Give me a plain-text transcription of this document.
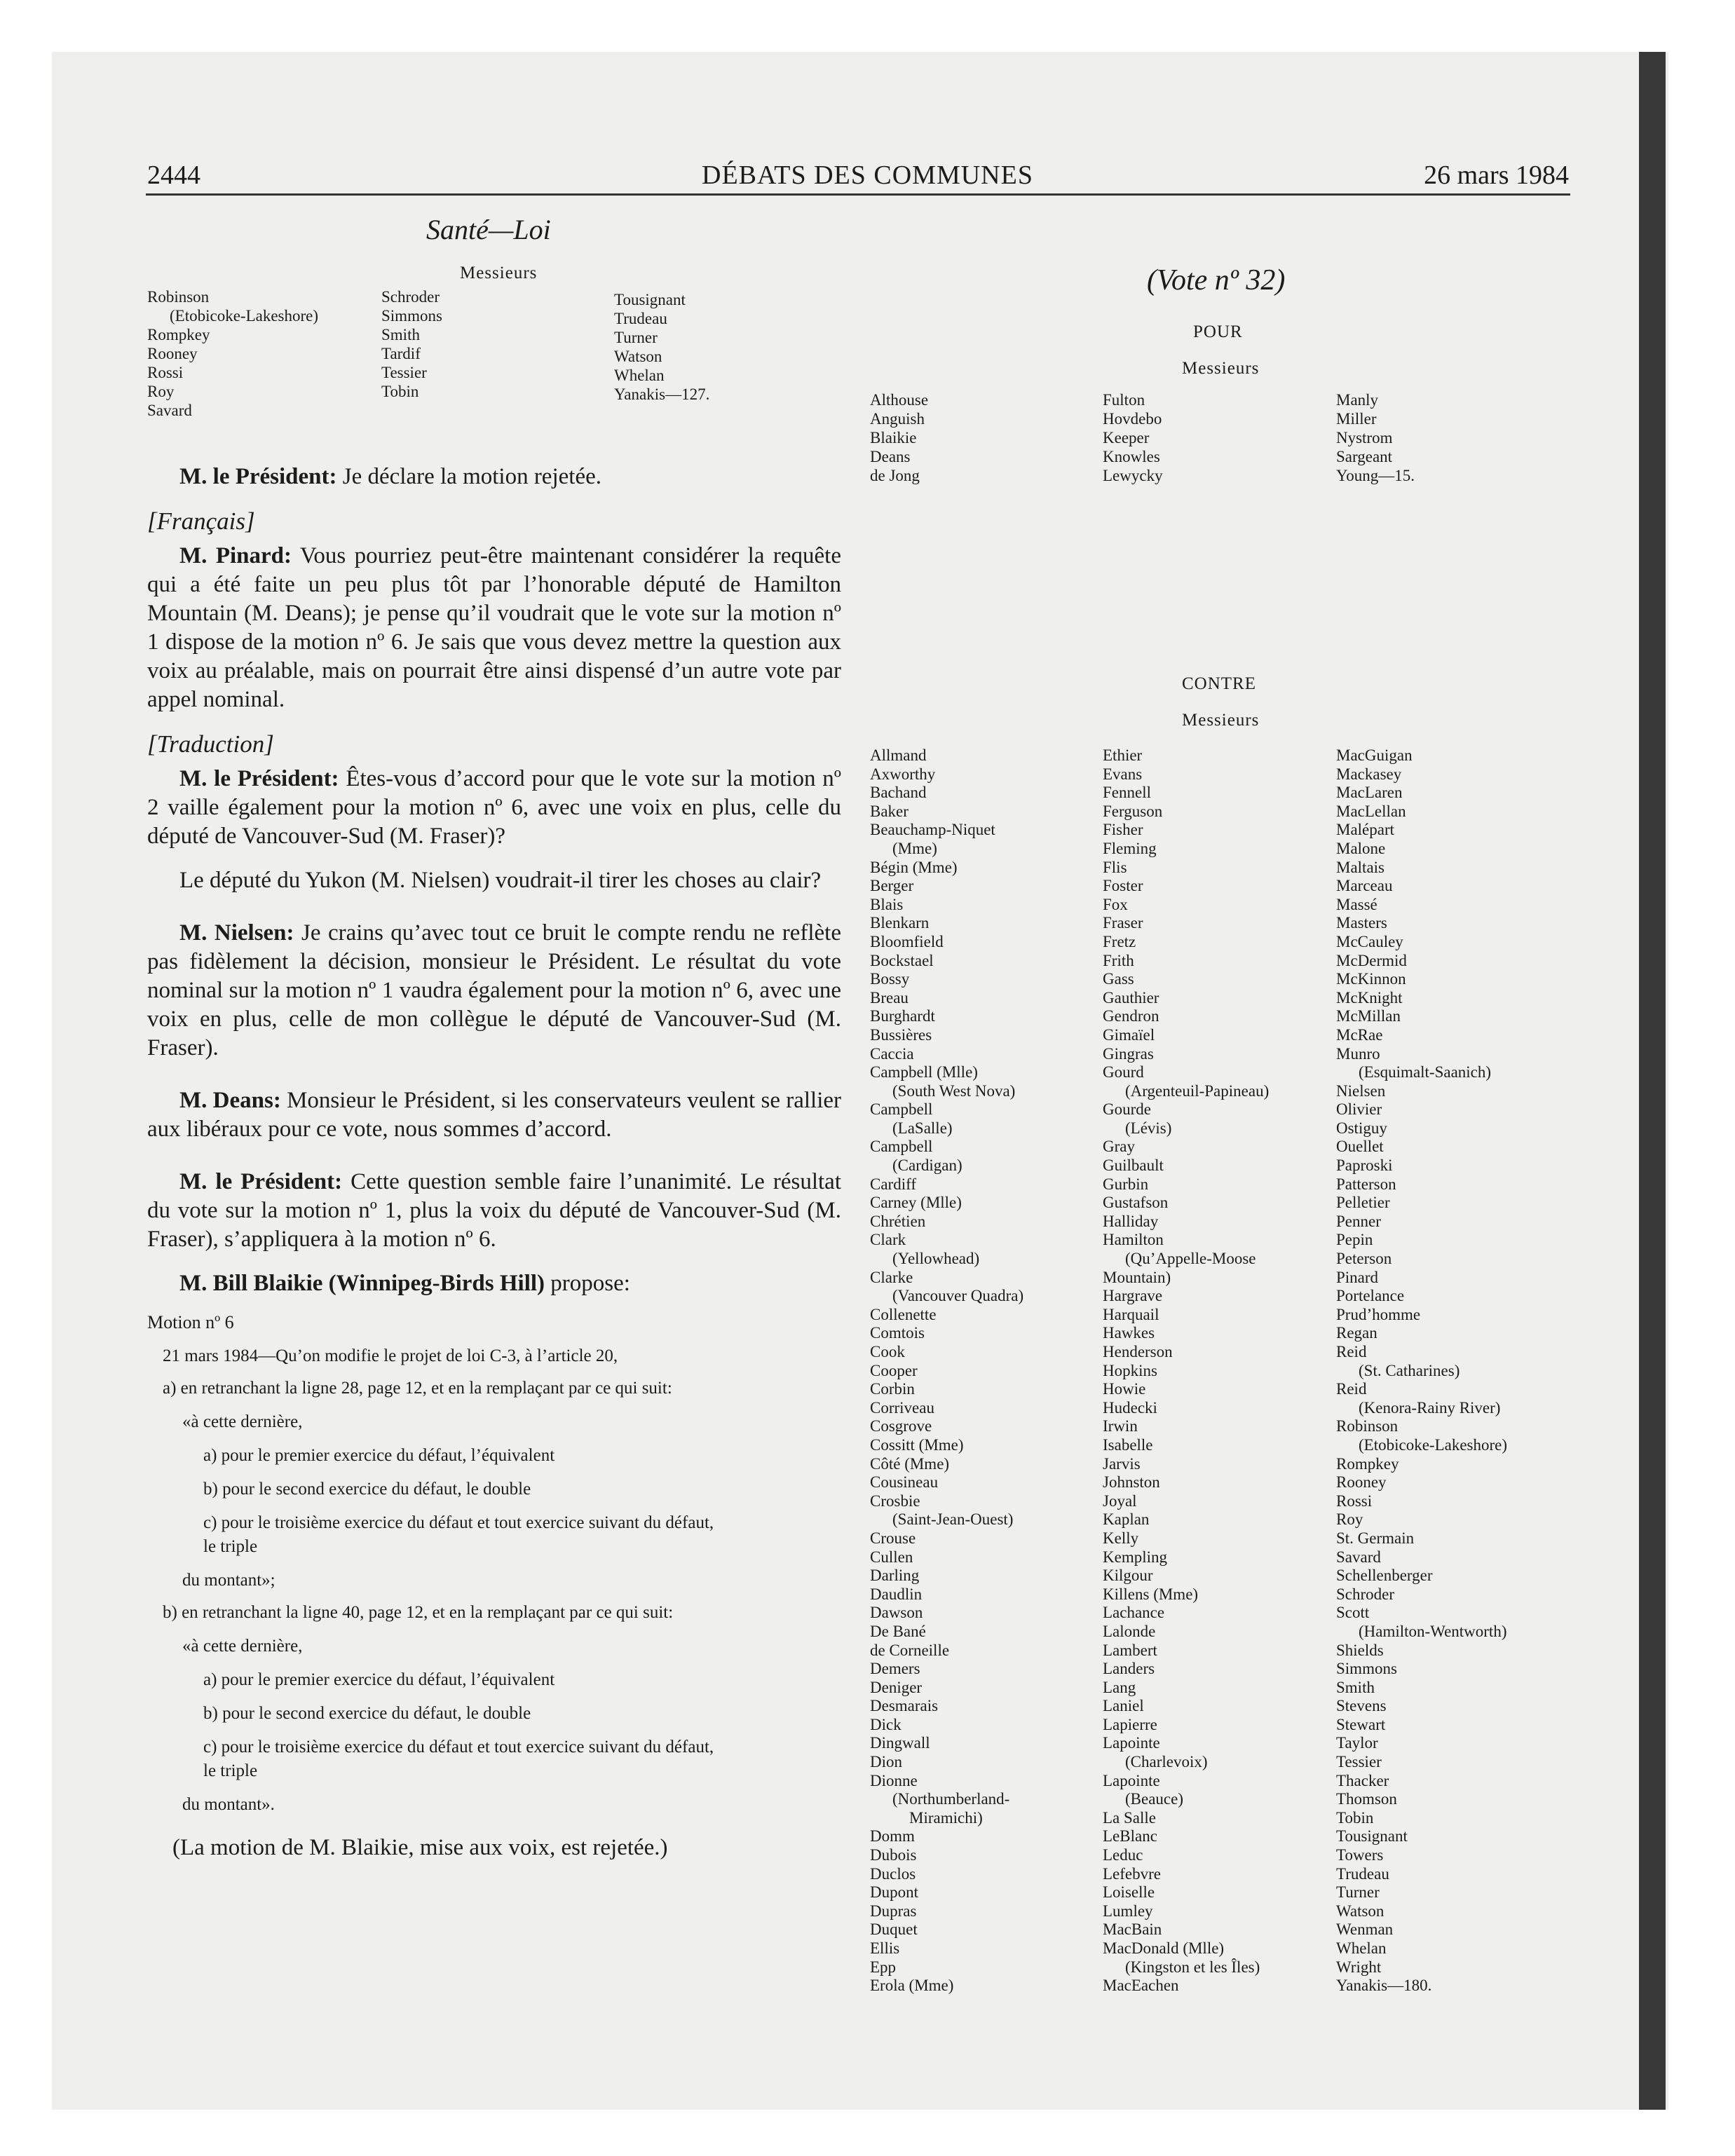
2444	DÉBATS DES COMMUNES	26 mars 1984
Santé—Loi
Messieurs
Robinson
(Etobicoke-Lakeshore)
Rompkey
Rooney
Rossi
Roy
Savard
Schroder
Simmons
Smith
Tardif
Tessier
Tobin
Tousignant
Trudeau
Turner
Watson
Whelan
Yanakis—127.

M. le Président: Je déclare la motion rejetée.

[Français]

M. Pinard: Vous pourriez peut-être maintenant considérer la requête qui a été faite un peu plus tôt par l’honorable député de Hamilton Mountain (M. Deans); je pense qu’il voudrait que le vote sur la motion nº 1 dispose de la motion nº 6. Je sais que vous devez mettre la question aux voix au préalable, mais on pourrait être ainsi dispensé d’un autre vote par appel nominal.

[Traduction]

M. le Président: Êtes-vous d’accord pour que le vote sur la motion nº 2 vaille également pour la motion nº 6, avec une voix en plus, celle du député de Vancouver-Sud (M. Fraser)?

Le député du Yukon (M. Nielsen) voudrait-il tirer les choses au clair?

M. Nielsen: Je crains qu’avec tout ce bruit le compte rendu ne reflète pas fidèlement la décision, monsieur le Président. Le résultat du vote nominal sur la motion nº 1 vaudra également pour la motion nº 6, avec une voix en plus, celle de mon collègue le député de Vancouver-Sud (M. Fraser).

M. Deans: Monsieur le Président, si les conservateurs veulent se rallier aux libéraux pour ce vote, nous sommes d’accord.

M. le Président: Cette question semble faire l’unanimité. Le résultat du vote sur la motion nº 1, plus la voix du député de Vancouver-Sud (M. Fraser), s’appliquera à la motion nº 6.

M. Bill Blaikie (Winnipeg-Birds Hill) propose:

Motion nº 6

21 mars 1984—Qu’on modifie le projet de loi C-3, à l’article 20,

a) en retranchant la ligne 28, page 12, et en la remplaçant par ce qui suit:

«à cette dernière,

a) pour le premier exercice du défaut, l’équivalent

b) pour le second exercice du défaut, le double

c) pour le troisième exercice du défaut et tout exercice suivant du défaut,

le triple

du montant»;

b) en retranchant la ligne 40, page 12, et en la remplaçant par ce qui suit:

«à cette dernière,

a) pour le premier exercice du défaut, l’équivalent

b) pour le second exercice du défaut, le double

c) pour le troisième exercice du défaut et tout exercice suivant du défaut,

le triple

du montant».

(La motion de M. Blaikie, mise aux voix, est rejetée.)

(Vote nº 32)
POUR
Messieurs
Althouse
Anguish
Blaikie
Deans
de Jong
Fulton
Hovdebo
Keeper
Knowles
Lewycky
Manly
Miller
Nystrom
Sargeant
Young—15.
CONTRE
Messieurs
Allmand
Axworthy
Bachand
Baker
Beauchamp-Niquet
(Mme)
Bégin (Mme)
Berger
Blais
Blenkarn
Bloomfield
Bockstael
Bossy
Breau
Burghardt
Bussières
Caccia
Campbell (Mlle)
(South West Nova)
Campbell
(LaSalle)
Campbell
(Cardigan)
Cardiff
Carney (Mlle)
Chrétien
Clark
(Yellowhead)
Clarke
(Vancouver Quadra)
Collenette
Comtois
Cook
Cooper
Corbin
Corriveau
Cosgrove
Cossitt (Mme)
Côté (Mme)
Cousineau
Crosbie
(Saint-Jean-Ouest)
Crouse
Cullen
Darling
Daudlin
Dawson
De Bané
de Corneille
Demers
Deniger
Desmarais
Dick
Dingwall
Dion
Dionne
(Northumberland-
Miramichi)
Domm
Dubois
Duclos
Dupont
Dupras
Duquet
Ellis
Epp
Erola (Mme)
Ethier
Evans
Fennell
Ferguson
Fisher
Fleming
Flis
Foster
Fox
Fraser
Fretz
Frith
Gass
Gauthier
Gendron
Gimaïel
Gingras
Gourd
(Argenteuil-Papineau)
Gourde
(Lévis)
Gray
Guilbault
Gurbin
Gustafson
Halliday
Hamilton
(Qu’Appelle-Moose
Mountain)
Hargrave
Harquail
Hawkes
Henderson
Hopkins
Howie
Hudecki
Irwin
Isabelle
Jarvis
Johnston
Joyal
Kaplan
Kelly
Kempling
Kilgour
Killens (Mme)
Lachance
Lalonde
Lambert
Landers
Lang
Laniel
Lapierre
Lapointe
(Charlevoix)
Lapointe
(Beauce)
La Salle
LeBlanc
Leduc
Lefebvre
Loiselle
Lumley
MacBain
MacDonald (Mlle)
(Kingston et les Îles)
MacEachen
MacGuigan
Mackasey
MacLaren
MacLellan
Malépart
Malone
Maltais
Marceau
Massé
Masters
McCauley
McDermid
McKinnon
McKnight
McMillan
McRae
Munro
(Esquimalt-Saanich)
Nielsen
Olivier
Ostiguy
Ouellet
Paproski
Patterson
Pelletier
Penner
Pepin
Peterson
Pinard
Portelance
Prud’homme
Regan
Reid
(St. Catharines)
Reid
(Kenora-Rainy River)
Robinson
(Etobicoke-Lakeshore)
Rompkey
Rooney
Rossi
Roy
St. Germain
Savard
Schellenberger
Schroder
Scott
(Hamilton-Wentworth)
Shields
Simmons
Smith
Stevens
Stewart
Taylor
Tessier
Thacker
Thomson
Tobin
Tousignant
Towers
Trudeau
Turner
Watson
Wenman
Whelan
Wright
Yanakis—180.
